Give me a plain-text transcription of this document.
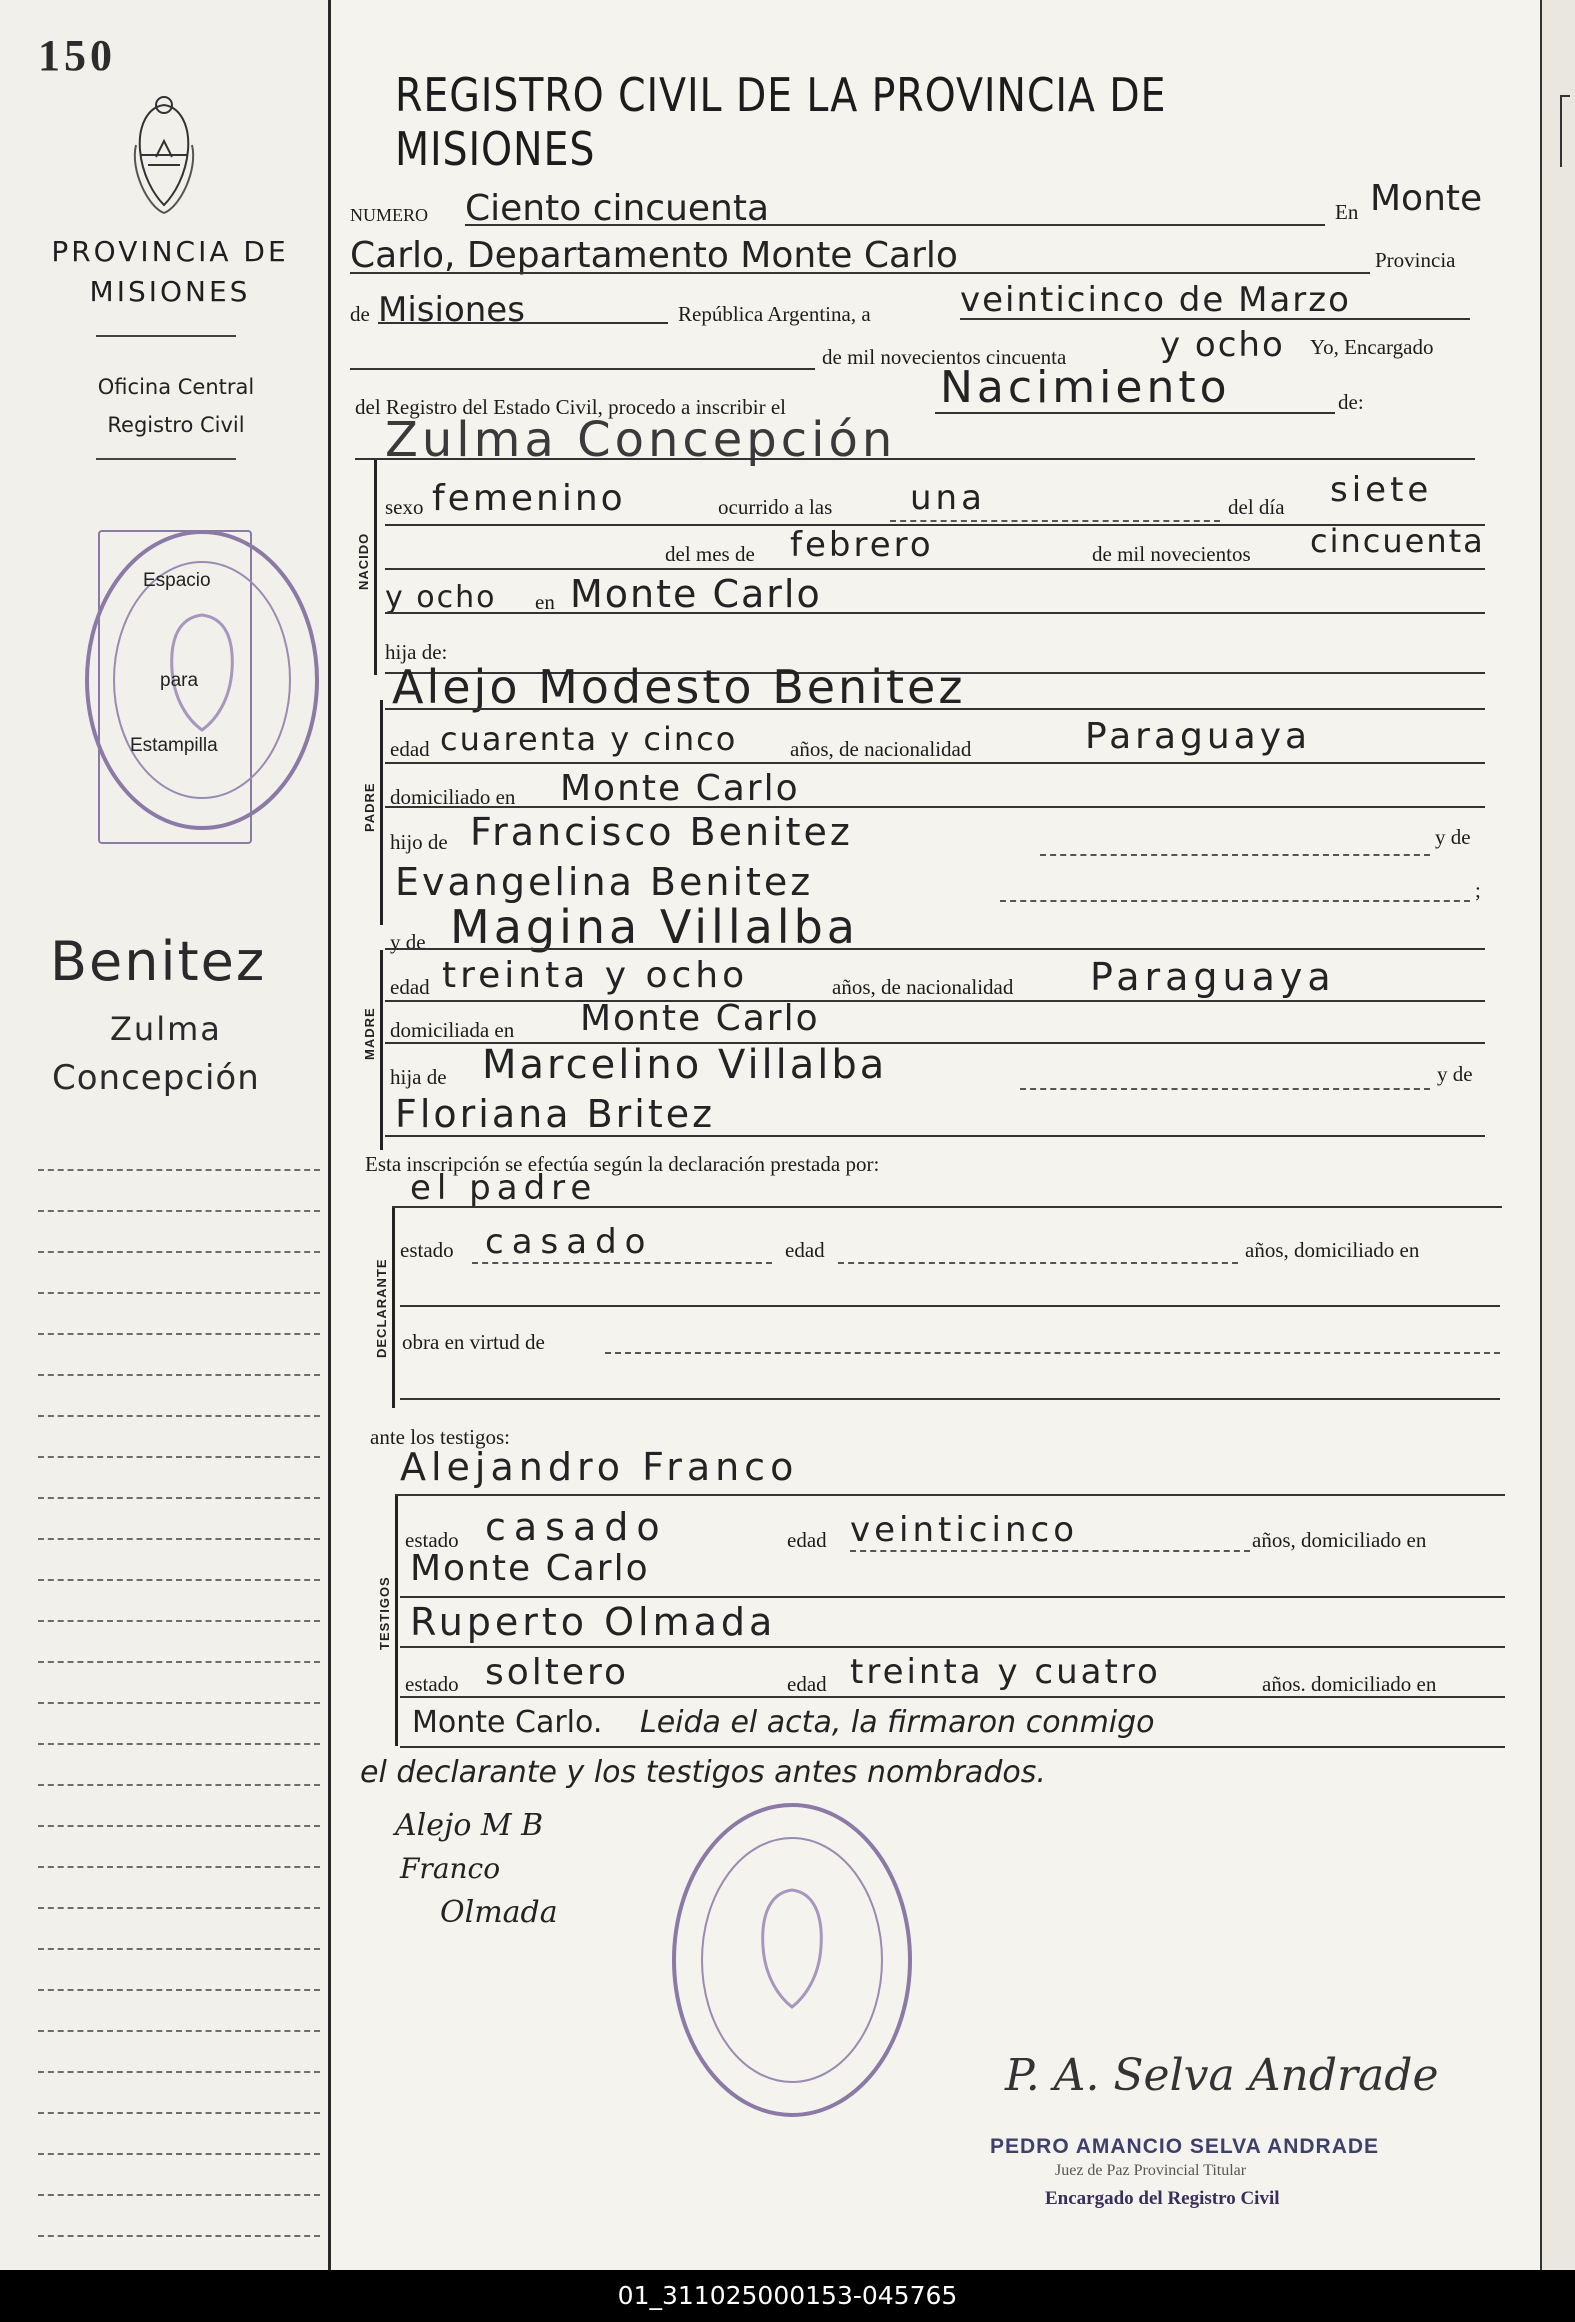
150
PROVINCIA DE MISIONES
Oficina Central
Registro Civil
Espacio
para
Estampilla
Benitez
Zulma
Concepción
REGISTRO CIVIL DE LA PROVINCIA DE MISIONES
NUMERO Ciento cincuenta	En Monte
Carlo, Departamento Monte Carlo	Provincia
de Misiones	República Argentina, a	veinticinco de Marzo
de mil novecientos cincuenta	y ocho Yo, Encargado
del Registro del Estado Civil, procedo a inscribir el	Nacimiento	de:
Zulma Concepción
NACIDO
sexo femenino	ocurrido a las una	del día siete
del mes de febrero	de mil novecientos cincuenta
y ocho en Monte Carlo
hija de:
Alejo Modesto Benitez
PADRE
edad cuarenta y cinco	años, de nacionalidad	Paraguaya
domiciliado en Monte Carlo
hijo de Francisco Benitez	y de
Evangelina Benitez	;
y de Magina Villalba
MADRE
edad treinta y ocho	años, de nacionalidad Paraguaya
domiciliada en Monte Carlo
hija de Marcelino Villalba	y de
Floriana Britez
Esta inscripción se efectúa según la declaración prestada por:
el padre
DECLARANTE
estado casado	edad	años, domiciliado en
obra en virtud de
ante los testigos:
Alejandro Franco
TESTIGOS
estado casado	edad veinticinco	años, domiciliado en
Monte Carlo
Ruperto Olmada
estado soltero	edad treinta y cuatro	años. domiciliado en
Monte Carlo. Leida el acta, la firmaron conmigo
el declarante y los testigos antes nombrados.
Alejo M B
Franco
Olmada
P. A. Selva Andrade
PEDRO AMANCIO SELVA ANDRADE
Juez de Paz Provincial Titular
Encargado del Registro Civil
01_311025000153-045765
